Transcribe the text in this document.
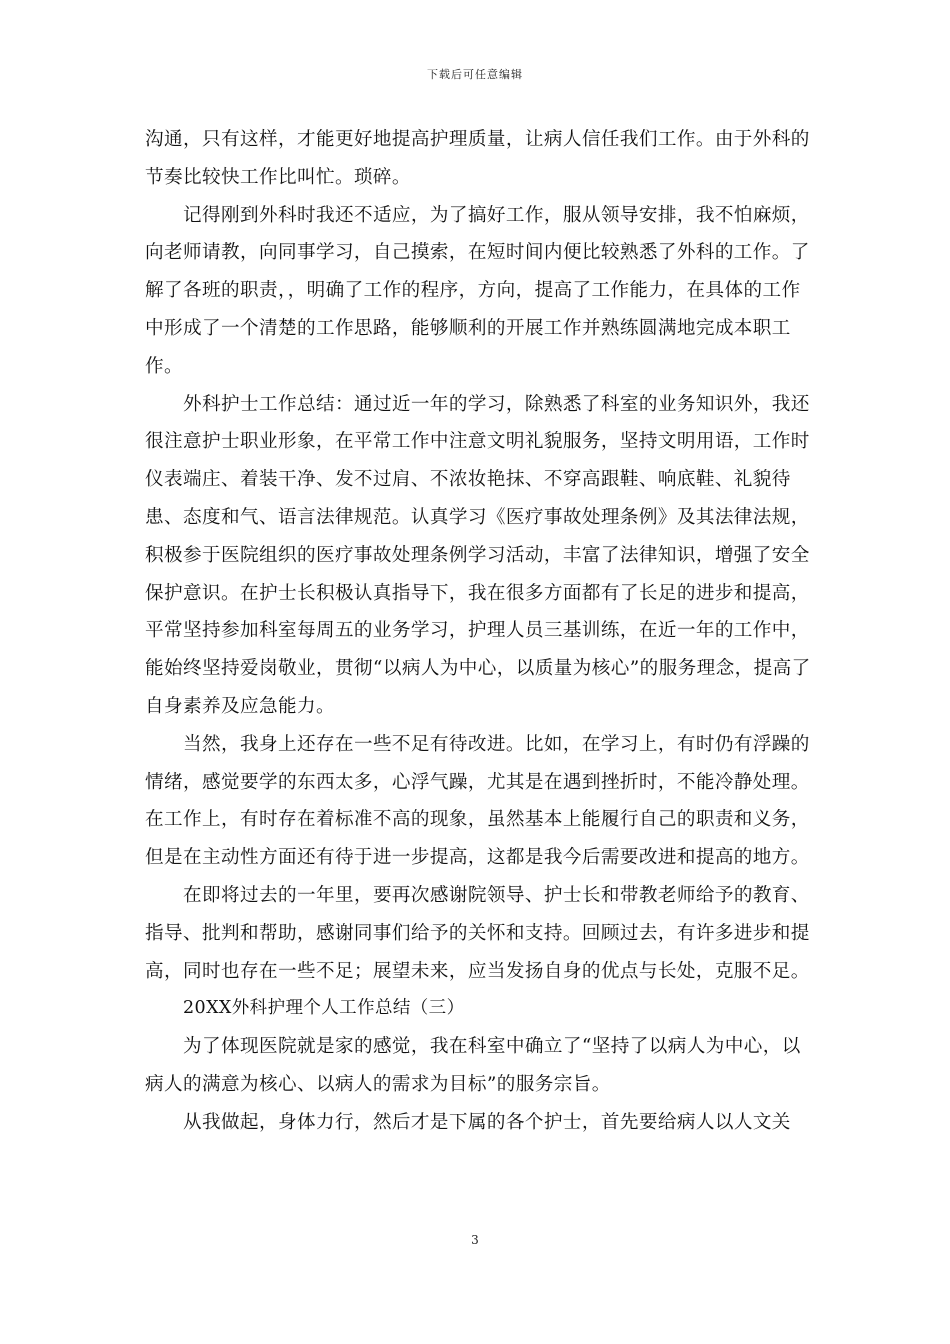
下载后可任意编辑

沟通，只有这样，才能更好地提高护理质量，让病人信任我们工作。由于外科的节奏比较快工作比叫忙。琐碎。

记得刚到外科时我还不适应，为了搞好工作，服从领导安排，我不怕麻烦，向老师请教，向同事学习，自己摸索，在短时间内便比较熟悉了外科的工作。了解了各班的职责，，明确了工作的程序，方向，提高了工作能力，在具体的工作中形成了一个清楚的工作思路，能够顺利的开展工作并熟练圆满地完成本职工作。

外科护士工作总结：通过近一年的学习，除熟悉了科室的业务知识外，我还很注意护士职业形象，在平常工作中注意文明礼貌服务，坚持文明用语，工作时仪表端庄、着装干净、发不过肩、不浓妆艳抹、不穿高跟鞋、响底鞋、礼貌待患、态度和气、语言法律规范。认真学习《医疗事故处理条例》及其法律法规，积极参于医院组织的医疗事故处理条例学习活动，丰富了法律知识，增强了安全保护意识。在护士长积极认真指导下，我在很多方面都有了长足的进步和提高，平常坚持参加科室每周五的业务学习，护理人员三基训练，在近一年的工作中，能始终坚持爱岗敬业，贯彻“以病人为中心，以质量为核心”的服务理念，提高了自身素养及应急能力。

当然，我身上还存在一些不足有待改进。比如，在学习上，有时仍有浮躁的情绪，感觉要学的东西太多，心浮气躁，尤其是在遇到挫折时，不能冷静处理。在工作上，有时存在着标准不高的现象，虽然基本上能履行自己的职责和义务，但是在主动性方面还有待于进一步提高，这都是我今后需要改进和提高的地方。

在即将过去的一年里，要再次感谢院领导、护士长和带教老师给予的教育、指导、批判和帮助，感谢同事们给予的关怀和支持。回顾过去，有许多进步和提高，同时也存在一些不足；展望未来，应当发扬自身的优点与长处，克服不足。

20XX外科护理个人工作总结（三）

为了体现医院就是家的感觉，我在科室中确立了“坚持了以病人为中心，以病人的满意为核心、以病人的需求为目标”的服务宗旨。

从我做起，身体力行，然后才是下属的各个护士，首先要给病人以人文关

3
